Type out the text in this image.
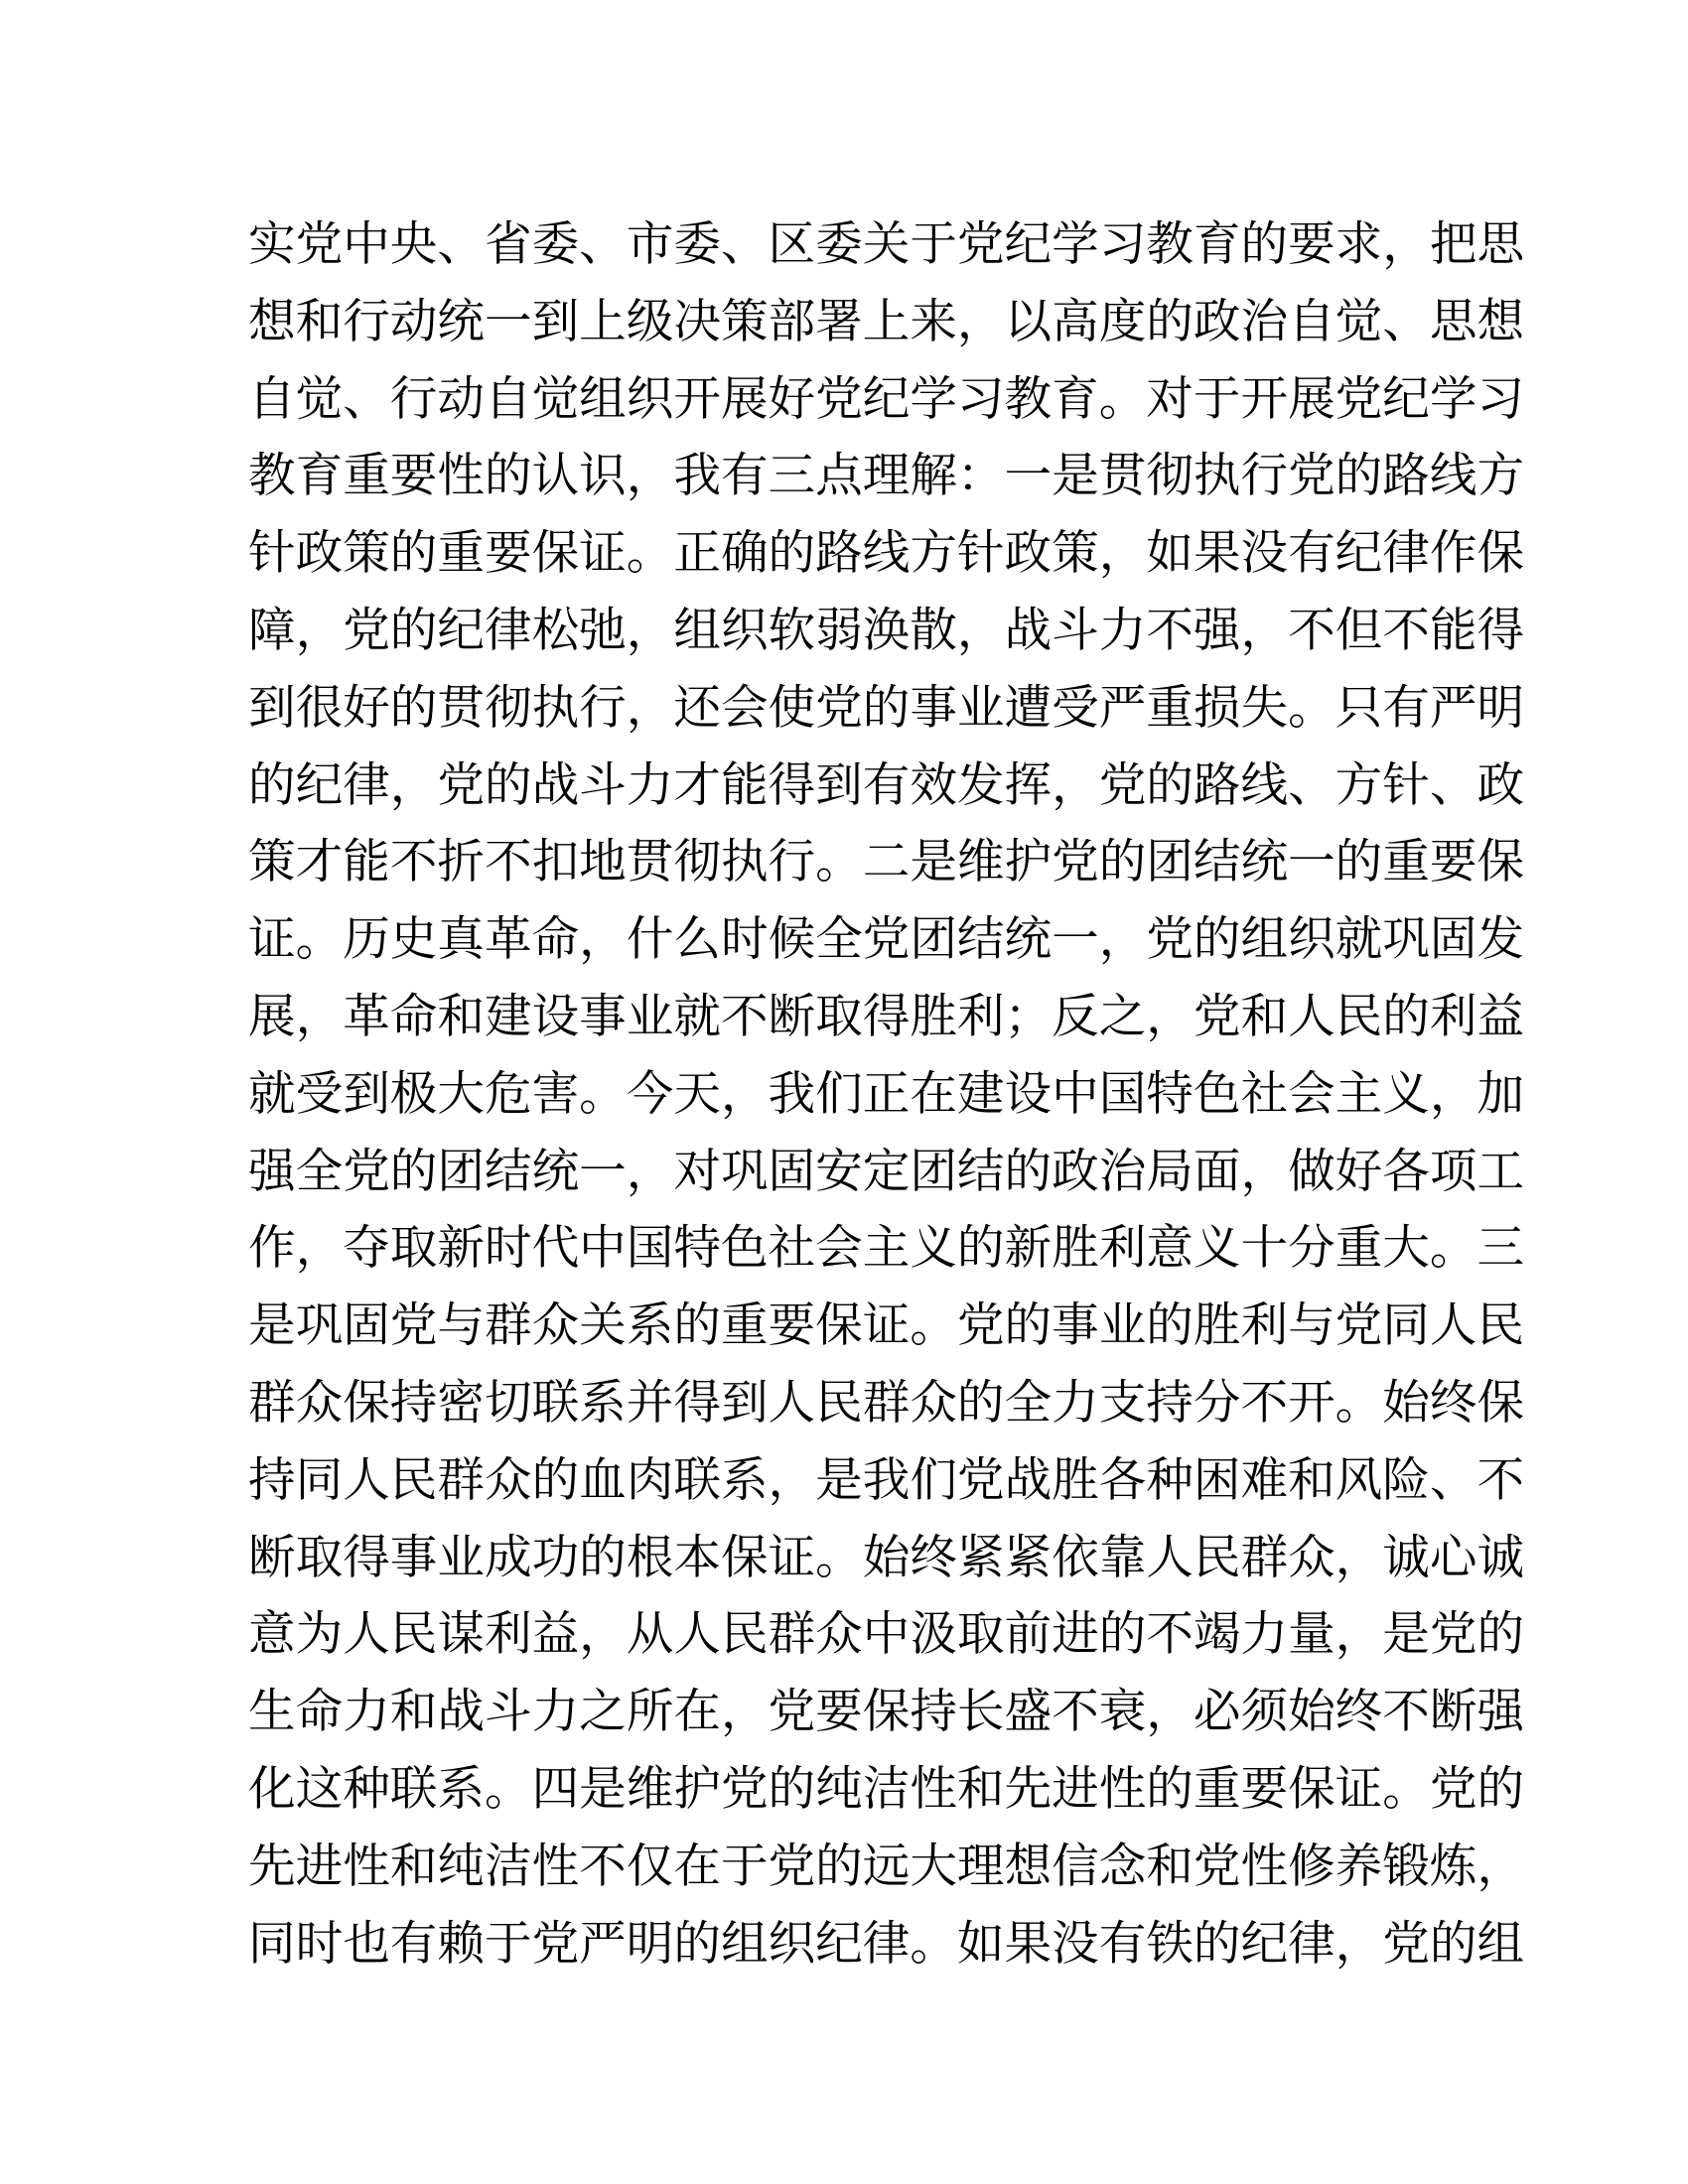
实党中央、省委、市委、区委关于党纪学习教育的要求，把思
想和行动统一到上级决策部署上来，以高度的政治自觉、思想
自觉、行动自觉组织开展好党纪学习教育。对于开展党纪学习
教育重要性的认识，我有三点理解：一是贯彻执行党的路线方
针政策的重要保证。正确的路线方针政策，如果没有纪律作保
障，党的纪律松弛，组织软弱涣散，战斗力不强，不但不能得
到很好的贯彻执行，还会使党的事业遭受严重损失。只有严明
的纪律，党的战斗力才能得到有效发挥，党的路线、方针、政
策才能不折不扣地贯彻执行。二是维护党的团结统一的重要保
证。历史真革命，什么时候全党团结统一，党的组织就巩固发
展，革命和建设事业就不断取得胜利；反之，党和人民的利益
就受到极大危害。今天，我们正在建设中国特色社会主义，加
强全党的团结统一，对巩固安定团结的政治局面，做好各项工
作，夺取新时代中国特色社会主义的新胜利意义十分重大。三
是巩固党与群众关系的重要保证。党的事业的胜利与党同人民
群众保持密切联系并得到人民群众的全力支持分不开。始终保
持同人民群众的血肉联系，是我们党战胜各种困难和风险、不
断取得事业成功的根本保证。始终紧紧依靠人民群众，诚心诚
意为人民谋利益，从人民群众中汲取前进的不竭力量，是党的
生命力和战斗力之所在，党要保持长盛不衰，必须始终不断强
化这种联系。四是维护党的纯洁性和先进性的重要保证。党的
先进性和纯洁性不仅在于党的远大理想信念和党性修养锻炼，
同时也有赖于党严明的组织纪律。如果没有铁的纪律，党的组
